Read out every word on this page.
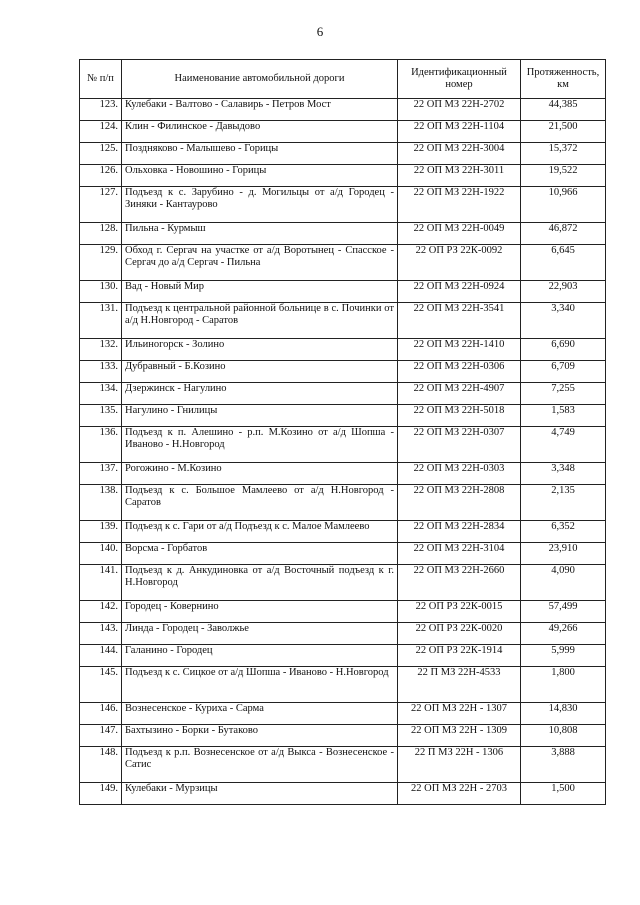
6
№ п/п	Наименование автомобильной дороги	Идентификационный номер	Протяженность, км
123.	Кулебаки - Валтово - Салавирь - Петров Мост	22 ОП МЗ 22Н-2702	44,385
124.	Клин - Филинское - Давыдово	22 ОП МЗ 22Н-1104	21,500
125.	Поздняково - Малышево - Горицы	22 ОП МЗ 22Н-3004	15,372
126.	Ольховка - Новошино - Горицы	22 ОП МЗ 22Н-3011	19,522
127.	Подъезд к с. Зарубино - д. Могильцы от а/д Городец - Зиняки - Кантаурово	22 ОП МЗ 22Н-1922	10,966
128.	Пильна - Курмыш	22 ОП МЗ 22Н-0049	46,872
129.	Обход г. Сергач на участке от а/д Воротынец - Спасское - Сергач до а/д Сергач - Пильна	22 ОП РЗ 22К-0092	6,645
130.	Вад - Новый Мир	22 ОП МЗ 22Н-0924	22,903
131.	Подъезд к центральной районной больнице в с. Починки от а/д Н.Новгород - Саратов	22 ОП МЗ 22Н-3541	3,340
132.	Ильиногорск - Золино	22 ОП МЗ 22Н-1410	6,690
133.	Дубравный - Б.Козино	22 ОП МЗ 22Н-0306	6,709
134.	Дзержинск - Нагулино	22 ОП МЗ 22Н-4907	7,255
135.	Нагулино - Гнилицы	22 ОП МЗ 22Н-5018	1,583
136.	Подъезд к п. Алешино - р.п. М.Козино от а/д Шопша - Иваново - Н.Новгород	22 ОП МЗ 22Н-0307	4,749
137.	Рогожино - М.Козино	22 ОП МЗ 22Н-0303	3,348
138.	Подъезд к с. Большое Мамлеево от а/д Н.Новгород - Саратов	22 ОП МЗ 22Н-2808	2,135
139.	Подъезд к с. Гари от а/д Подъезд к с. Малое Мамлеево	22 ОП МЗ 22Н-2834	6,352
140.	Ворсма - Горбатов	22 ОП МЗ 22Н-3104	23,910
141.	Подъезд к д. Анкудиновка от а/д Восточный подъезд к г. Н.Новгород	22 ОП МЗ 22Н-2660	4,090
142.	Городец - Ковернино	22 ОП РЗ 22К-0015	57,499
143.	Линда - Городец - Заволжье	22 ОП РЗ 22К-0020	49,266
144.	Галанино - Городец	22 ОП РЗ 22К-1914	5,999
145.	Подъезд к с. Сицкое от а/д Шопша - Иваново - Н.Новгород	22 П МЗ 22Н-4533	1,800
146.	Вознесенское - Куриха - Сарма	22 ОП МЗ 22Н - 1307	14,830
147.	Бахтызино - Борки - Бутаково	22 ОП МЗ 22Н - 1309	10,808
148.	Подъезд к р.п. Вознесенское от а/д Выкса - Вознесенское - Сатис	22 П МЗ 22Н - 1306	3,888
149.	Кулебаки - Мурзицы	22 ОП МЗ 22Н - 2703	1,500
